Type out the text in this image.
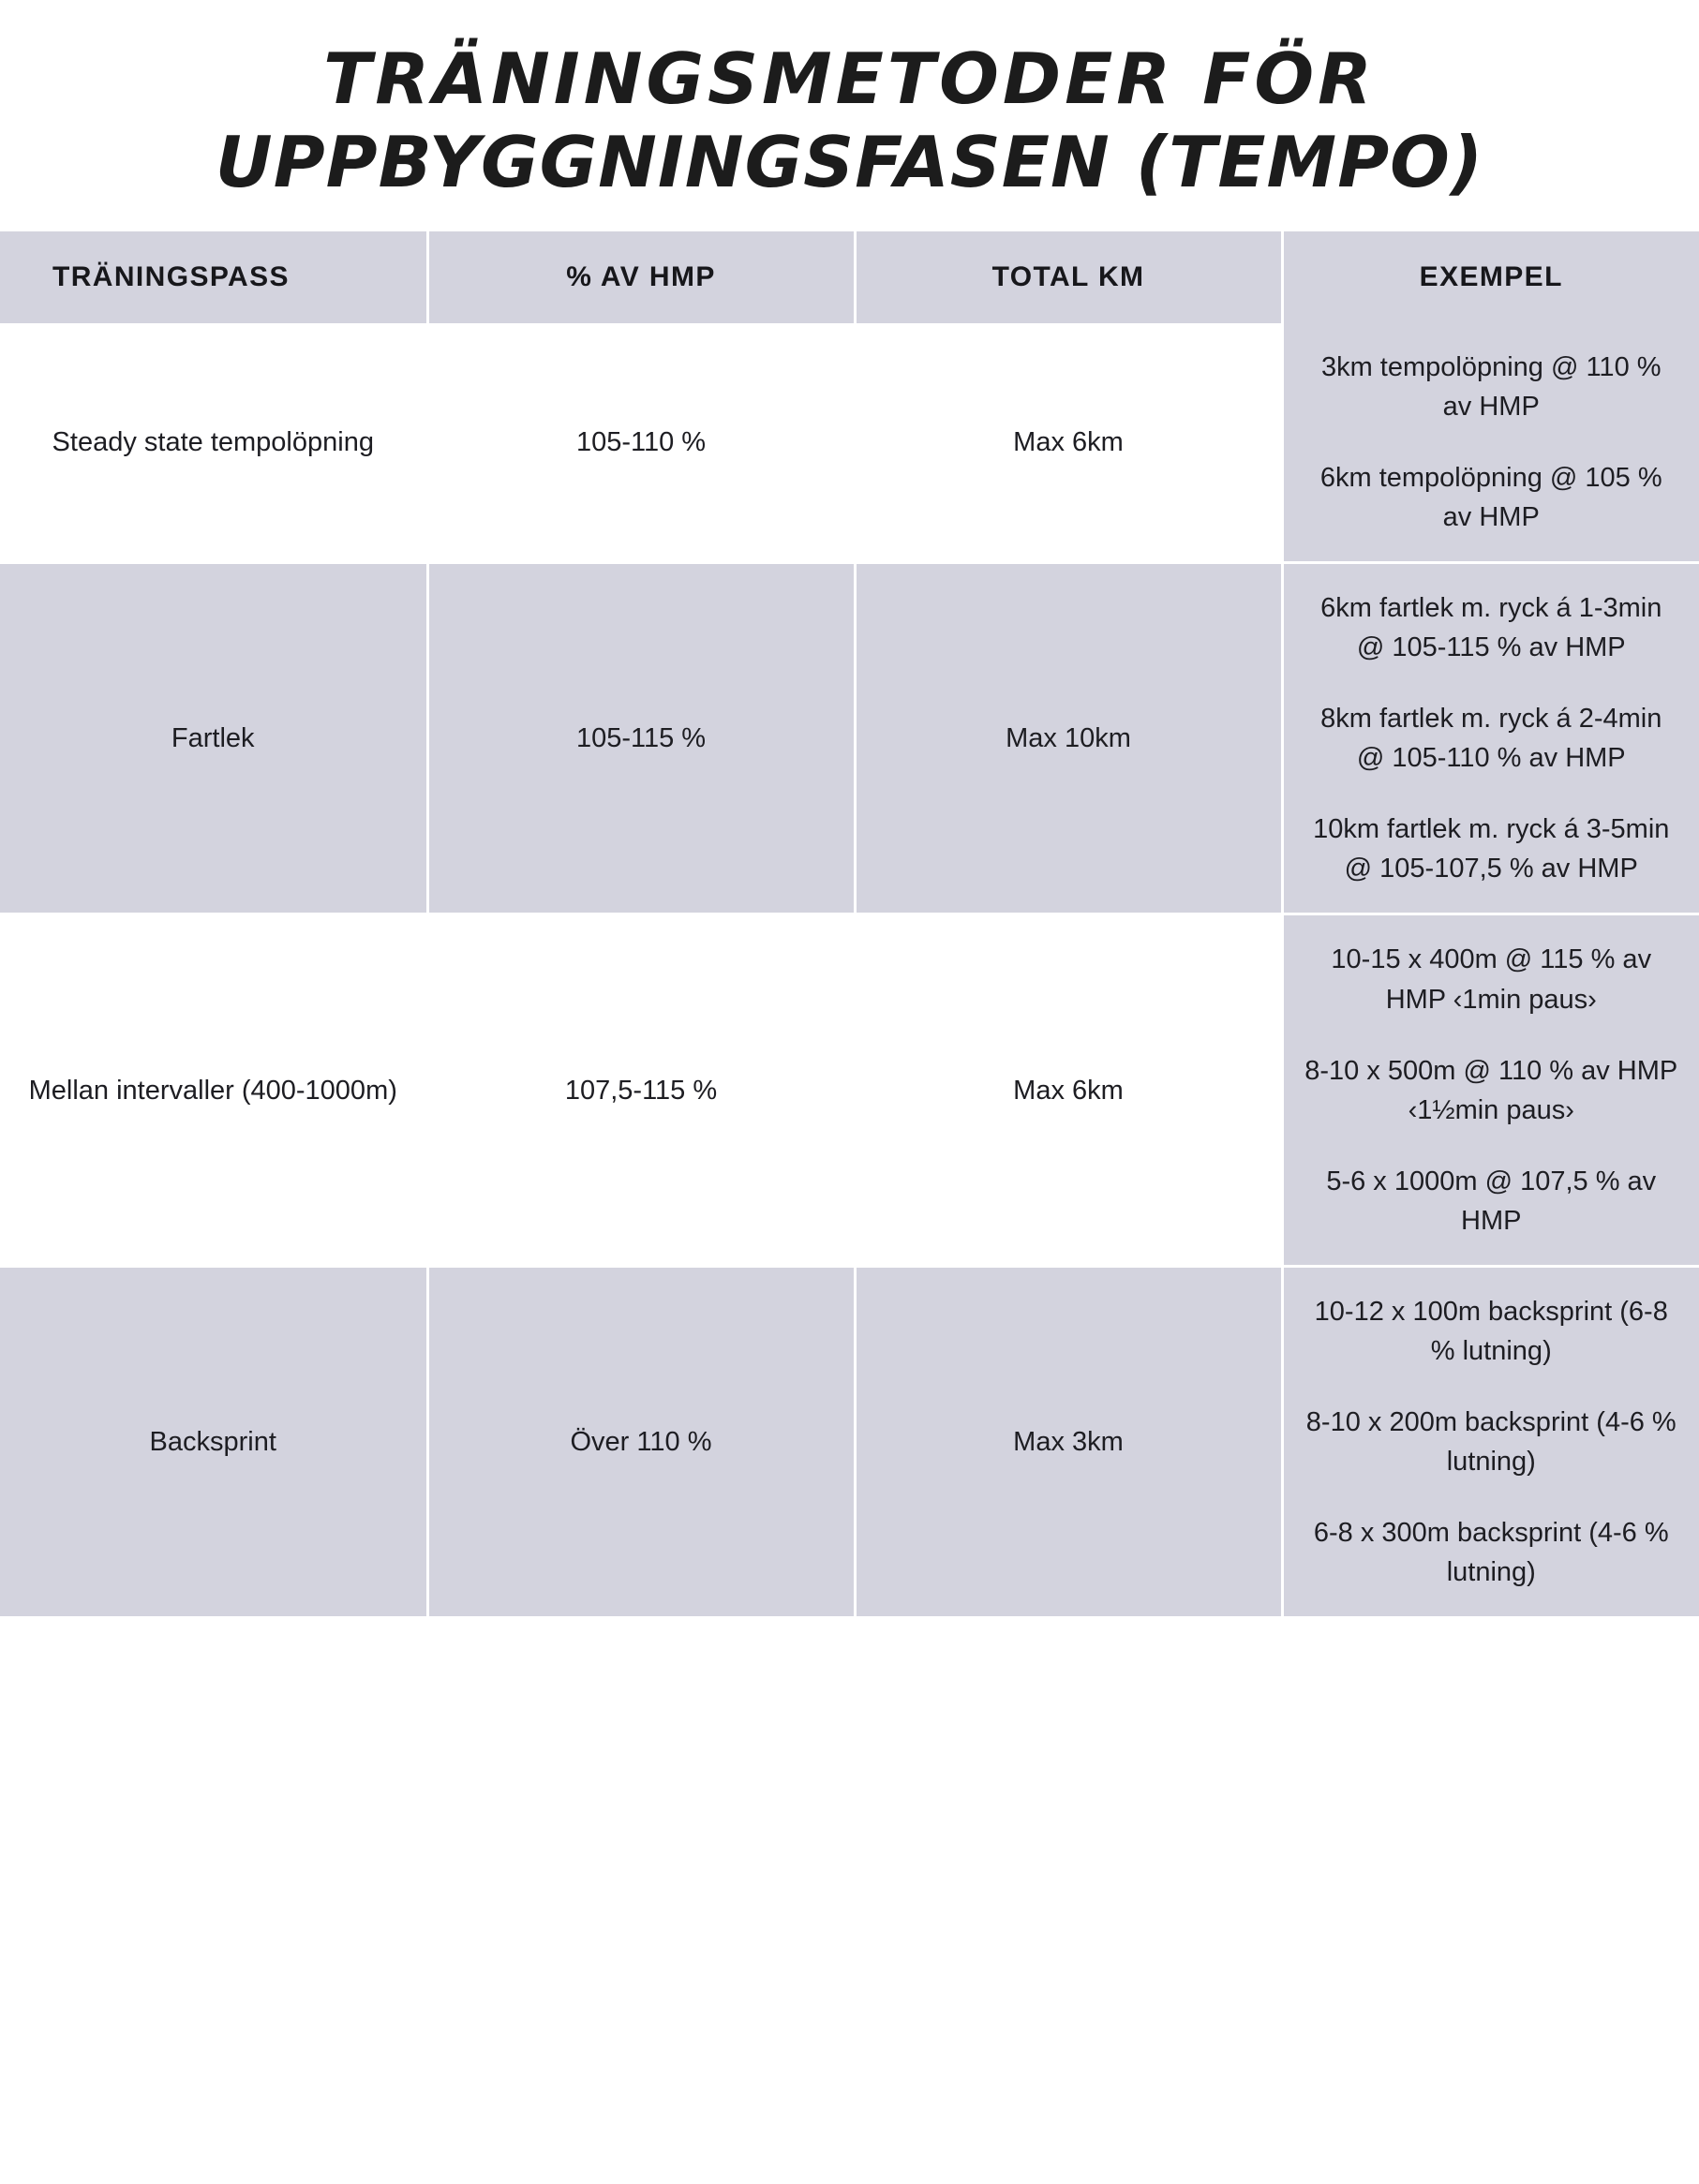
TRÄNINGSMETODER FÖR
UPPBYGGNINGSFASEN (TEMPO)
TRÄNINGSPASS	% AV HMP	TOTAL KM	EXEMPEL
Steady state tempolöpning	105-110 %	Max 6km	3km tempolöpning @ 110 % av HMP

6km tempolöpning @ 105 % av HMP

Fartlek	105-115 %	Max 10km	6km fartlek m. ryck á 1-3min @ 105-115 % av HMP

8km fartlek m. ryck á 2-4min @ 105-110 % av HMP

10km fartlek m. ryck á 3-5min @ 105-107,5 % av HMP

Mellan intervaller (400-1000m)	107,5-115 %	Max 6km	10-15 x 400m @ 115 % av HMP ‹1min paus›

8-10 x 500m @ 110 % av HMP ‹1½min paus›

5-6 x 1000m @ 107,5 % av HMP

Backsprint	Över 110 %	Max 3km	10-12 x 100m backsprint (6-8 % lutning)

8-10 x 200m backsprint (4-6 % lutning)

6-8 x 300m backsprint (4-6 % lutning)
